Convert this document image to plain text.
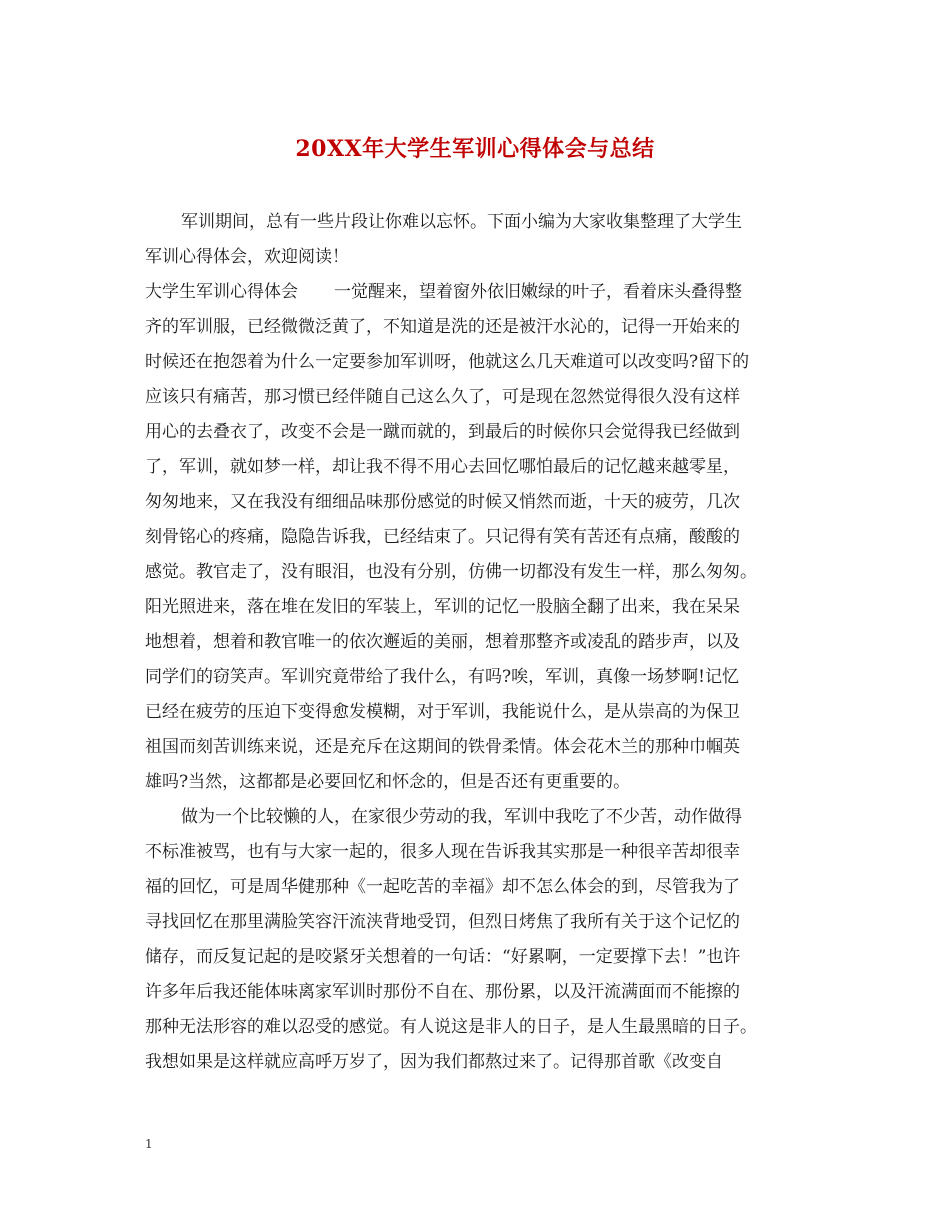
20XX年大学生军训心得体会与总结
军训期间，总有一些片段让你难以忘怀。下面小编为大家收集整理了大学生
军训心得体会，欢迎阅读！
大学生军训心得体会 一觉醒来，望着窗外依旧嫩绿的叶子，看着床头叠得整
齐的军训服，已经微微泛黄了，不知道是洗的还是被汗水沁的，记得一开始来的
时候还在抱怨着为什么一定要参加军训呀，他就这么几天难道可以改变吗?留下的
应该只有痛苦，那习惯已经伴随自己这么久了，可是现在忽然觉得很久没有这样
用心的去叠衣了，改变不会是一蹴而就的，到最后的时候你只会觉得我已经做到
了，军训，就如梦一样，却让我不得不用心去回忆哪怕最后的记忆越来越零星，
匆匆地来，又在我没有细细品味那份感觉的时候又悄然而逝，十天的疲劳，几次
刻骨铭心的疼痛，隐隐告诉我，已经结束了。只记得有笑有苦还有点痛，酸酸的
感觉。教官走了，没有眼泪，也没有分别，仿佛一切都没有发生一样，那么匆匆。
阳光照进来，落在堆在发旧的军装上，军训的记忆一股脑全翻了出来，我在呆呆
地想着，想着和教官唯一的依次邂逅的美丽，想着那整齐或凌乱的踏步声，以及
同学们的窃笑声。军训究竟带给了我什么，有吗?唉，军训，真像一场梦啊!记忆
已经在疲劳的压迫下变得愈发模糊，对于军训，我能说什么，是从崇高的为保卫
祖国而刻苦训练来说，还是充斥在这期间的铁骨柔情。体会花木兰的那种巾帼英
雄吗?当然，这都都是必要回忆和怀念的，但是否还有更重要的。
做为一个比较懒的人，在家很少劳动的我，军训中我吃了不少苦，动作做得
不标准被骂，也有与大家一起的，很多人现在告诉我其实那是一种很辛苦却很幸
福的回忆，可是周华健那种《一起吃苦的幸福》却不怎么体会的到，尽管我为了
寻找回忆在那里满脸笑容汗流浃背地受罚，但烈日烤焦了我所有关于这个记忆的
储存，而反复记起的是咬紧牙关想着的一句话：“好累啊，一定要撑下去！”也许
许多年后我还能体味离家军训时那份不自在、那份累，以及汗流满面而不能擦的
那种无法形容的难以忍受的感觉。有人说这是非人的日子，是人生最黑暗的日子。
我想如果是这样就应高呼万岁了，因为我们都熬过来了。记得那首歌《改变自
1
